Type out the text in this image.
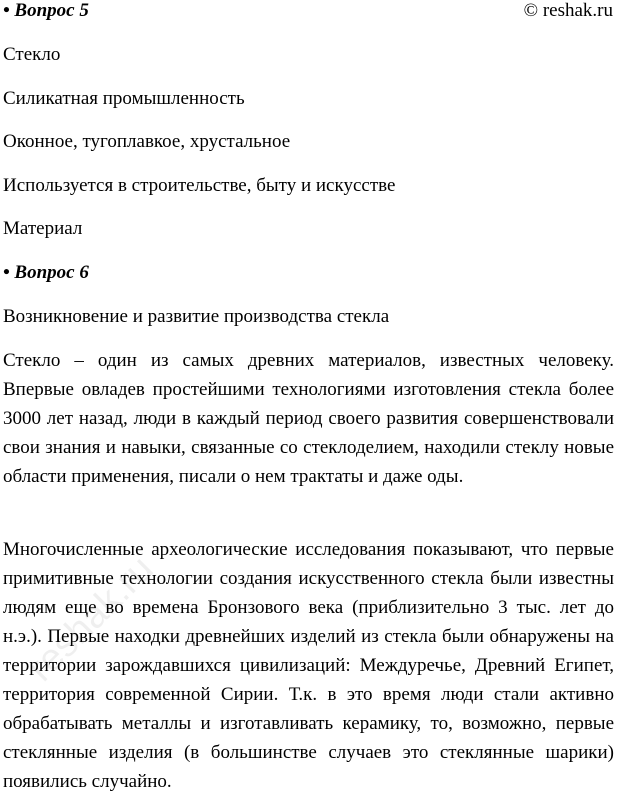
• Вопрос 5	© reshak.ru
Стекло
Силикатная промышленность
Оконное, тугоплавкое, хрустальное
Используется в строительстве, быту и искусстве
Материал
• Вопрос 6
Возникновение и развитие производства стекла
Стекло – один из самых древних материалов, известных человеку. Впервые овладев простейшими технологиями изготовления стекла более 3000 лет назад, люди в каждый период своего развития совершенствовали свои знания и навыки, связанные со стеклоделием, находили стеклу новые области применения, писали о нем трактаты и даже оды.
Многочисленные археологические исследования показывают, что первые примитивные технологии создания искусственного стекла были известны людям еще во времена Бронзового века (приблизительно 3 тыс. лет до н.э.). Первые находки древнейших изделий из стекла были обнаружены на территории зарождавшихся цивилизаций: Междуречье, Древний Египет, территория современной Сирии. Т.к. в это время люди стали активно обрабатывать металлы и изготавливать керамику, то, возможно, первые стеклянные изделия (в большинстве случаев это стеклянные шарики) появились случайно.
reshak.ru
